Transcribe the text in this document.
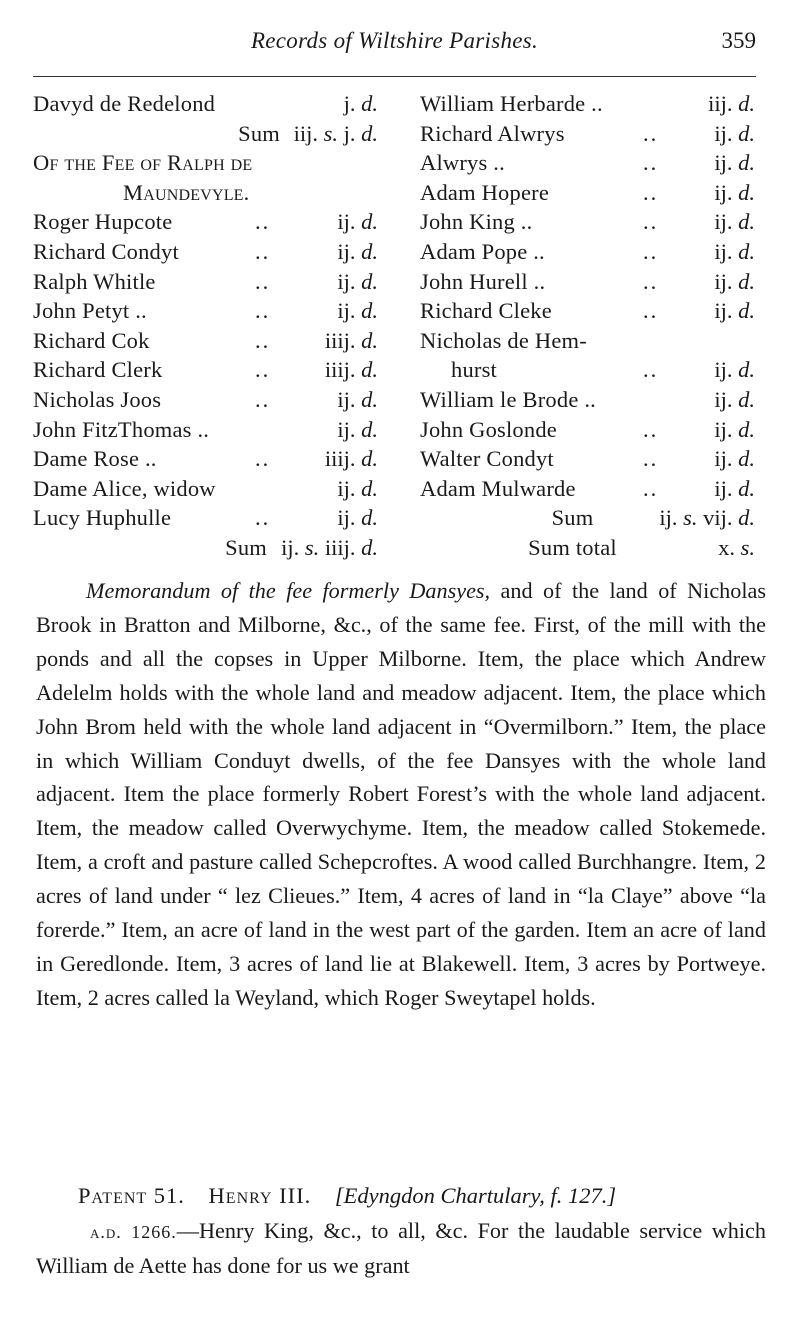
Records of Wiltshire Parishes.	359
Davyd de Redelond	j. d.
Sum iij. s. j. d.
Of the Fee of Ralph de
Maundevyle.
Roger Hupcote	..	ij. d.
Richard Condyt	..	ij. d.
Ralph Whitle	..	ij. d.
John Petyt ..	..	ij. d.
Richard Cok	.. iiij. d.
Richard Clerk	.. iiij. d.
Nicholas Joos	..	ij. d.
John FitzThomas ..	ij. d.
Dame Rose ..	.. iiij. d.
Dame Alice, widow	ij. d.
Lucy Huphulle	..	ij. d.
Sum ij. s. iiij. d.
William Herbarde ..	iij. d.
Richard Alwrys	.. ij. d.
Alwrys ..	.. ij. d.
Adam Hopere	.. ij. d.
John King ..	.. ij. d.
Adam Pope ..	.. ij. d.
John Hurell ..	.. ij. d.
Richard Cleke	.. ij. d.
Nicholas de Hem-
hurst	.. ij. d.
William le Brode ..	ij. d.
John Goslonde	.. ij. d.
Walter Condyt	.. ij. d.
Adam Mulwarde	.. ij. d.
Sum	ij. s. vij. d.
Sum total	x. s.

Memorandum of the fee formerly Dansyes, and of the land of Nicholas Brook in Bratton and Milborne, &c., of the same fee. First, of the mill with the ponds and all the copses in Upper Milborne. Item, the place which Andrew Adelelm holds with the whole land and meadow adjacent. Item, the place which John Brom held with the whole land adjacent in “Overmilborn.” Item, the place in which William Conduyt dwells, of the fee Dansyes with the whole land adjacent. Item the place formerly Robert Forest’s with the whole land adjacent. Item, the meadow called Overwychyme. Item, the meadow called Stokemede. Item, a croft and pasture called Schepcroftes. A wood called Burchhangre. Item, 2 acres of land under “ lez Clieues.” Item, 4 acres of land in “la Claye” above “la forerde.” Item, an acre of land in the west part of the garden. Item an acre of land in Geredlonde. Item, 3 acres of land lie at Blakewell. Item, 3 acres by Portweye. Item, 2 acres called la Weyland, which Roger Sweytapel holds.

Patent 51. Henry III. [Edyngdon Chartulary, f. 127.]

a.d. 1266.—Henry King, &c., to all, &c. For the laudable service which William de Aette has done for us we grant
